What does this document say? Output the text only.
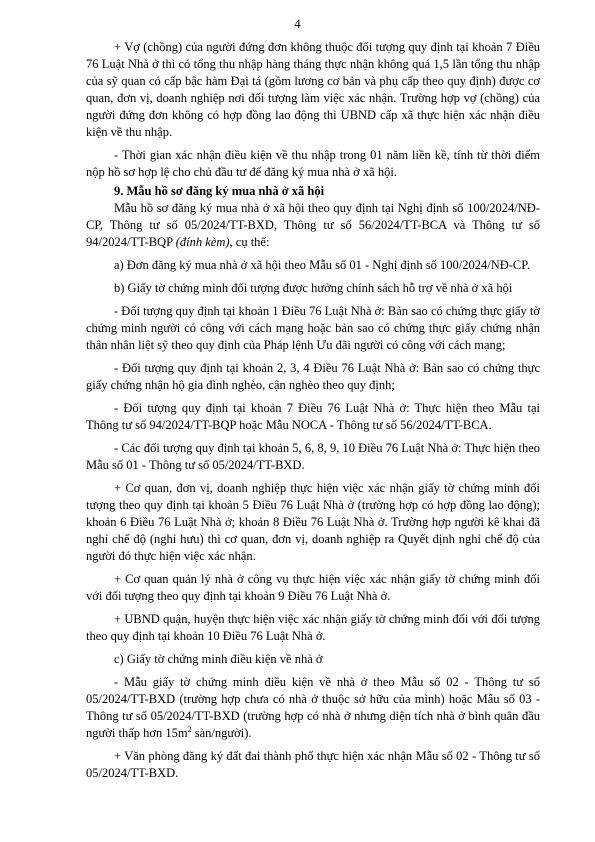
4

+ Vợ (chồng) của người đứng đơn không thuộc đối tượng quy định tại khoản 7 Điều 76 Luật Nhà ở thì có tổng thu nhập hàng tháng thực nhận không quá 1,5 lần tổng thu nhập của sỹ quan có cấp bậc hàm Đại tá (gồm lương cơ bản và phụ cấp theo quy định) được cơ quan, đơn vị, doanh nghiệp nơi đối tượng làm việc xác nhận. Trường hợp vợ (chồng) của người đứng đơn không có hợp đồng lao động thì UBND cấp xã thực hiện xác nhận điều kiện về thu nhập.

- Thời gian xác nhận điều kiện về thu nhập trong 01 năm liền kề, tính từ thời điểm nộp hồ sơ hợp lệ cho chủ đầu tư để đăng ký mua nhà ở xã hội.

9. Mẫu hồ sơ đăng ký mua nhà ở xã hội

Mẫu hồ sơ đăng ký mua nhà ở xã hội theo quy định tại Nghị định số 100/2024/NĐ-CP, Thông tư số 05/2024/TT-BXD, Thông tư số 56/2024/TT-BCA và Thông tư số 94/2024/TT-BQP (đính kèm), cụ thể:

a) Đơn đăng ký mua nhà ở xã hội theo Mẫu số 01 - Nghị định số 100/2024/NĐ-CP.

b) Giấy tờ chứng minh đối tượng được hưởng chính sách hỗ trợ về nhà ở xã hội

- Đối tượng quy định tại khoản 1 Điều 76 Luật Nhà ở: Bản sao có chứng thực giấy tờ chứng minh người có công với cách mạng hoặc bản sao có chứng thực giấy chứng nhận thân nhân liệt sỹ theo quy định của Pháp lệnh Ưu đãi người có công với cách mạng;

- Đối tượng quy định tại khoản 2, 3, 4 Điều 76 Luật Nhà ở: Bản sao có chứng thực giấy chứng nhận hộ gia đình nghèo, cận nghèo theo quy định;

- Đối tượng quy định tại khoản 7 Điều 76 Luật Nhà ở: Thực hiện theo Mẫu tại Thông tư số 94/2024/TT-BQP hoặc Mẫu NOCA - Thông tư số 56/2024/TT-BCA.

- Các đối tượng quy định tại khoản 5, 6, 8, 9, 10 Điều 76 Luật Nhà ở: Thực hiện theo Mẫu số 01 - Thông tư số 05/2024/TT-BXD.

+ Cơ quan, đơn vị, doanh nghiệp thực hiện việc xác nhận giấy tờ chứng minh đối tượng theo quy định tại khoản 5 Điều 76 Luật Nhà ở (trường hợp có hợp đồng lao động); khoản 6 Điều 76 Luật Nhà ở; khoản 8 Điều 76 Luật Nhà ở. Trường hợp người kê khai đã nghỉ chế độ (nghỉ hưu) thì cơ quan, đơn vị, doanh nghiệp ra Quyết định nghỉ chế độ của người đó thực hiện việc xác nhận.

+ Cơ quan quản lý nhà ở công vụ thực hiện việc xác nhận giấy tờ chứng minh đối với đối tượng theo quy định tại khoản 9 Điều 76 Luật Nhà ở.

+ UBND quận, huyện thực hiện việc xác nhận giấy tờ chứng minh đối với đối tượng theo quy định tại khoản 10 Điều 76 Luật Nhà ở.

c) Giấy tờ chứng minh điều kiện về nhà ở

- Mẫu giấy tờ chứng minh điều kiện về nhà ở theo Mẫu số 02 - Thông tư số 05/2024/TT-BXD (trường hợp chưa có nhà ở thuộc sở hữu của mình) hoặc Mẫu số 03 - Thông tư số 05/2024/TT-BXD (trường hợp có nhà ở nhưng diện tích nhà ở bình quân đầu người thấp hơn $15m^2$ sàn/người).

+ Văn phòng đăng ký đất đai thành phố thực hiện xác nhận Mẫu số 02 - Thông tư số 05/2024/TT-BXD.
